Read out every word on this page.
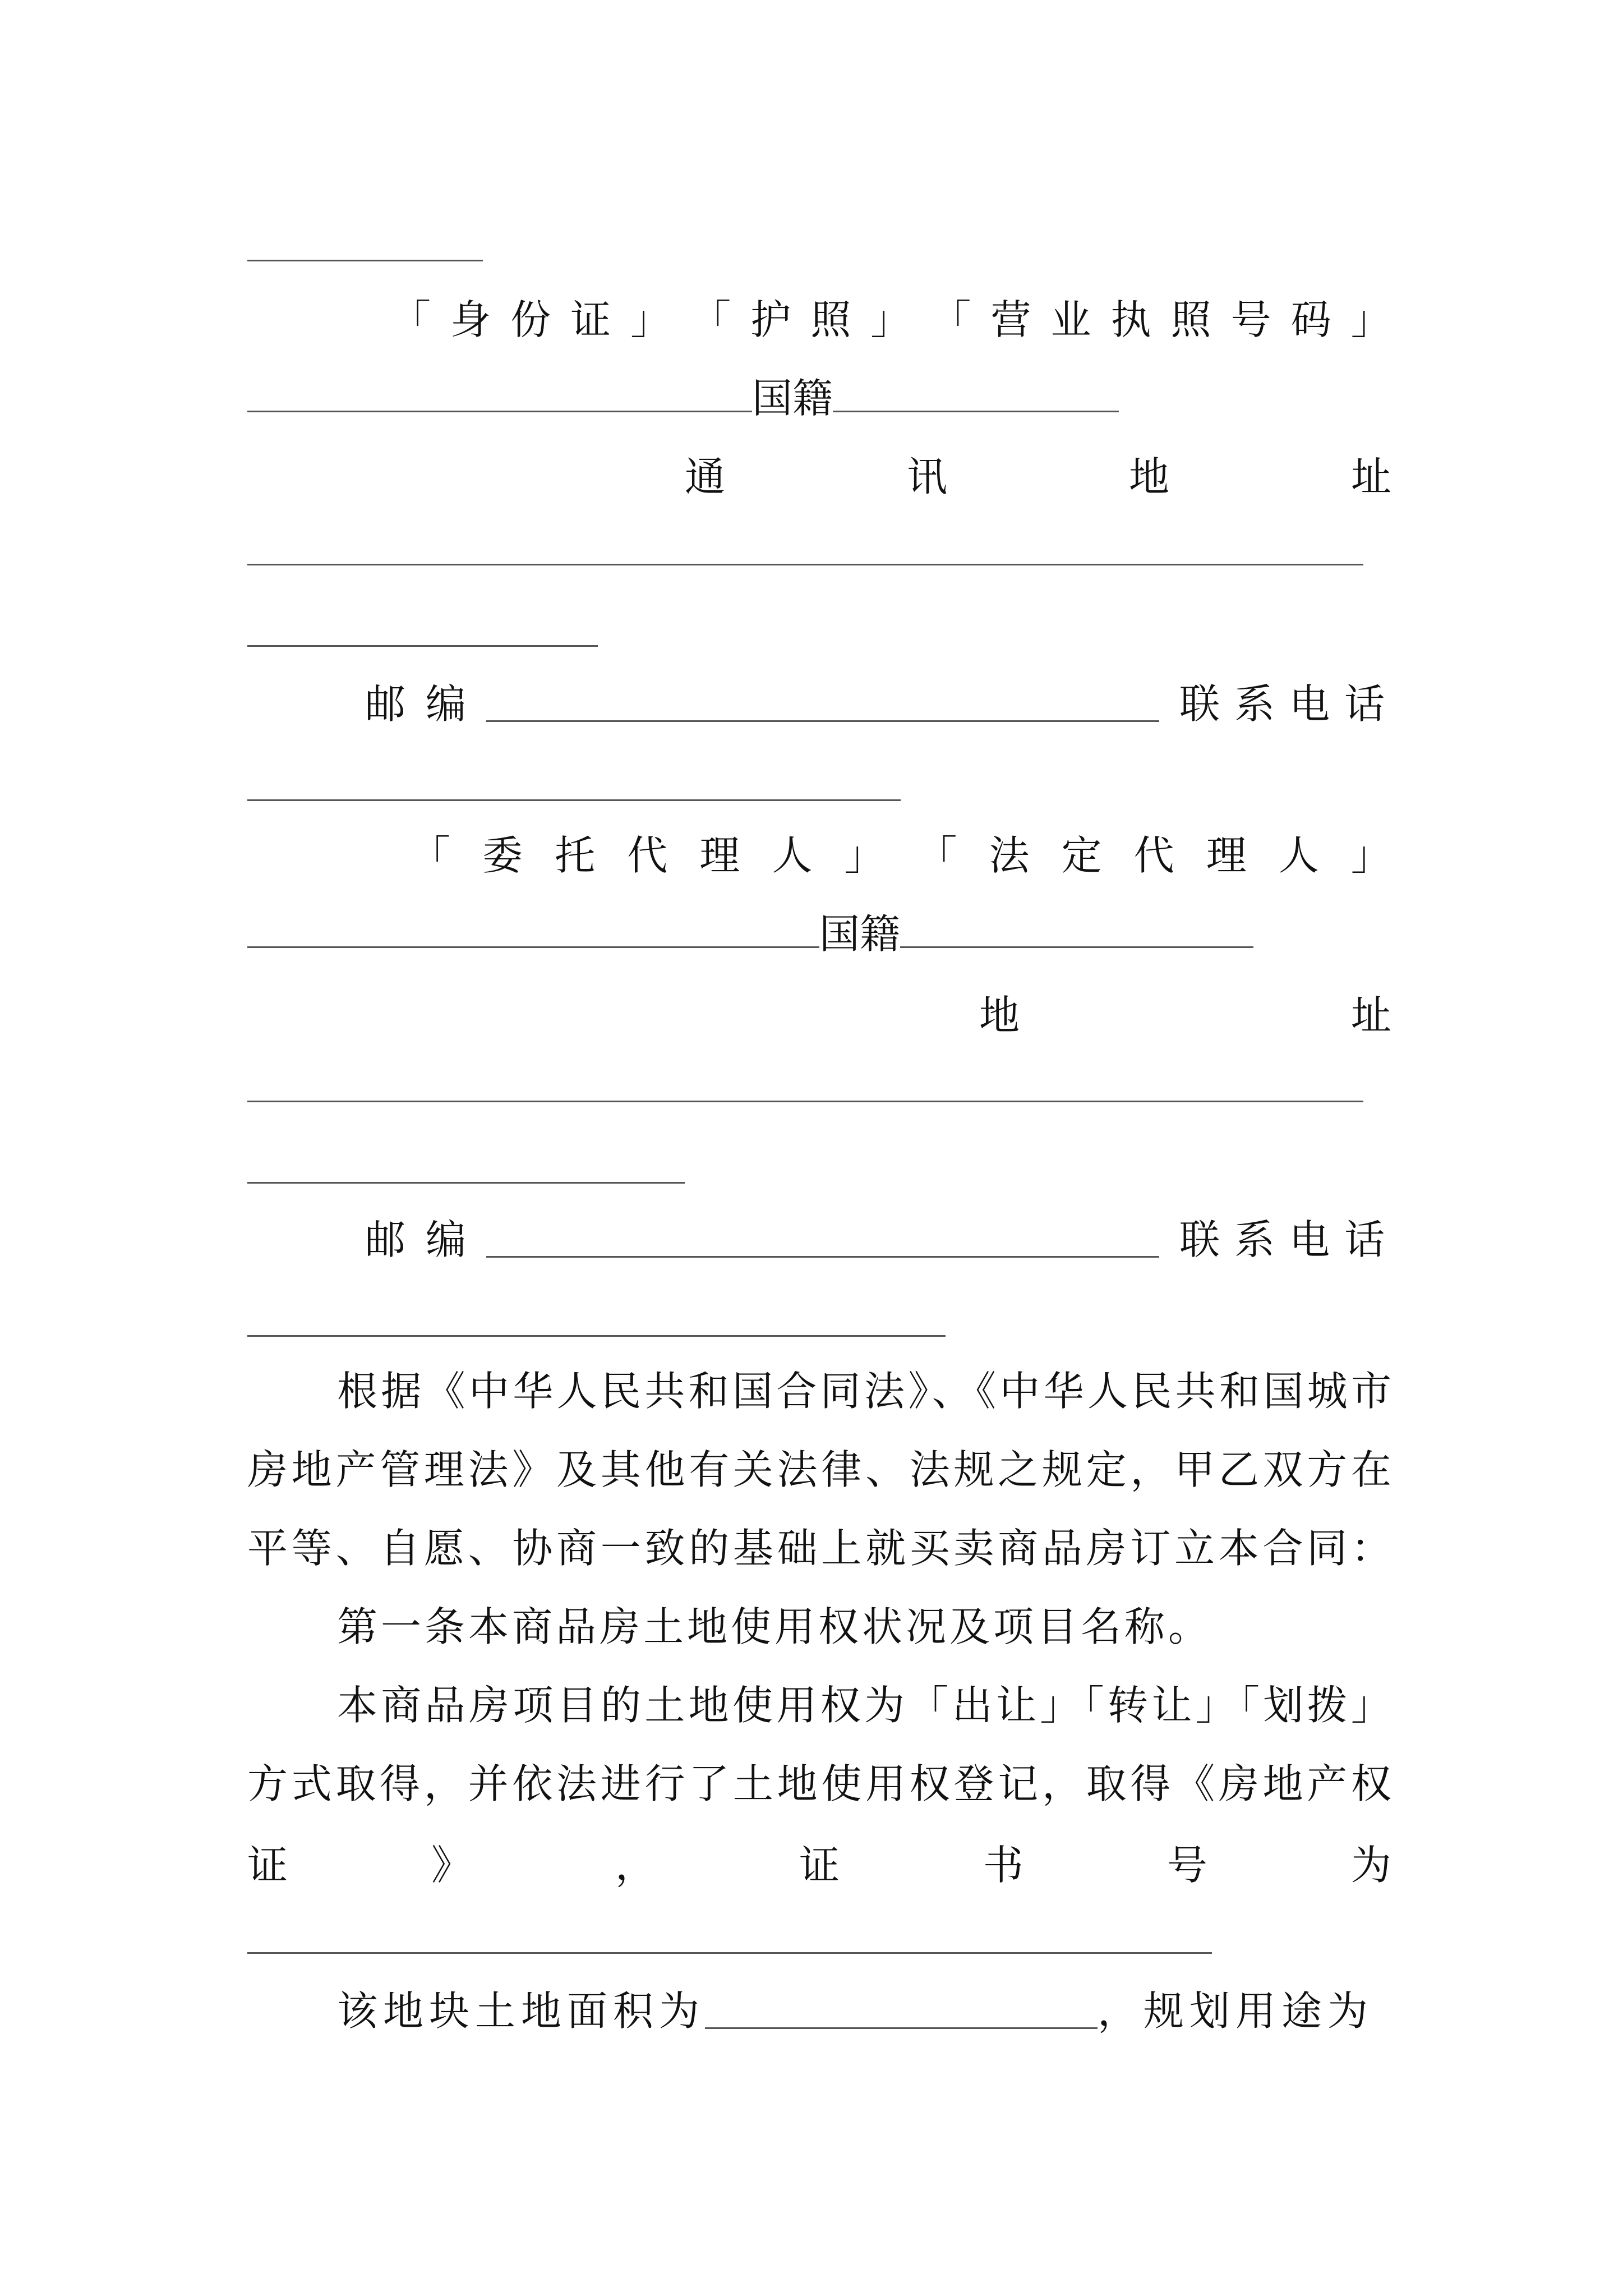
「 身 份 证 」 「 护 照 」 「 营 业 执 照 号 码 」
国籍
通	讯	地	址
邮 编	联 系 电 话
「 委 托 代 理 人 」 「 法 定 代 理 人 」
国籍
地	址
邮 编	联 系 电 话
根据《中华人民共和国合同法》、《中华人民共和国城市
房地产管理法》及其他有关法律、法规之规定，甲乙双方在
平等、自愿、协商一致的基础上就买卖商品房订立本合同：
第一条本商品房土地使用权状况及项目名称。
本商品房项目的土地使用权为「出让」「转让」「划拨」
方式取得，并依法进行了土地使用权登记，取得《房地产权
证	》	，	证	书	号	为
该地块土地面积为	，规划用途为
